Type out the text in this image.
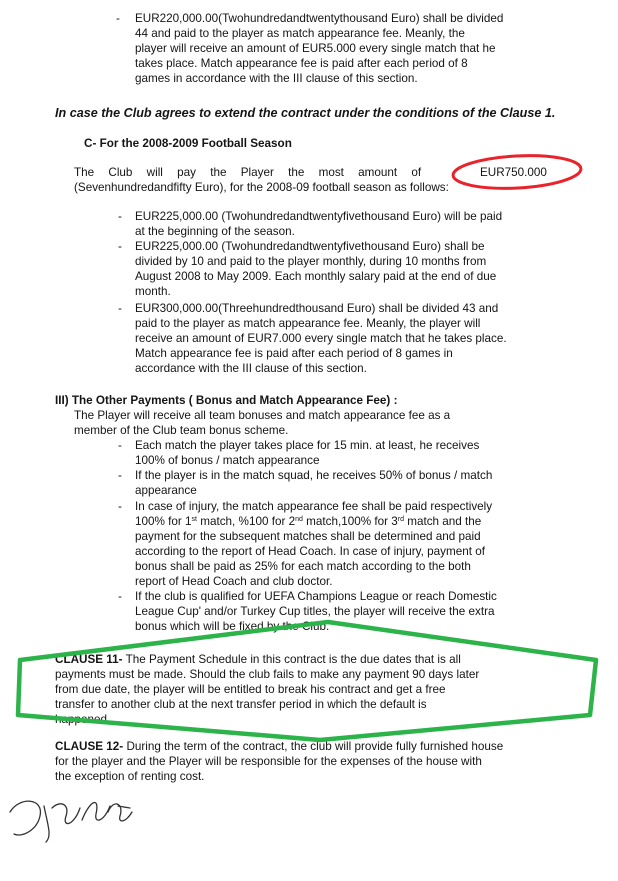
- EUR220,000.00(Twohundredandtwentythousand Euro) shall be divided
44 and paid to the player as match appearance fee. Meanly, the
player will receive an amount of EUR5.000 every single match that he
takes place. Match appearance fee is paid after each period of 8
games in accordance with the III clause of this section.
In case the Club agrees to extend the contract under the conditions of the Clause 1.
C- For the 2008-2009 Football Season
The Club will pay the Player the most amount of	EUR750.000
(Sevenhundredandfifty Euro), for the 2008-09 football season as follows:
- EUR225,000.00 (Twohundredandtwentyfivethousand Euro) will be paid
at the beginning of the season.
- EUR225,000.00 (Twohundredandtwentyfivethousand Euro) shall be
divided by 10 and paid to the player monthly, during 10 months from
August 2008 to May 2009. Each monthly salary paid at the end of due
month.
- EUR300,000.00(Threehundredthousand Euro) shall be divided 43 and
paid to the player as match appearance fee. Meanly, the player will
receive an amount of EUR7.000 every single match that he takes place.
Match appearance fee is paid after each period of 8 games in
accordance with the III clause of this section.
III) The Other Payments ( Bonus and Match Appearance Fee) :
The Player will receive all team bonuses and match appearance fee as a
member of the Club team bonus scheme.
- Each match the player takes place for 15 min. at least, he receives
100% of bonus / match appearance
- If the player is in the match squad, he receives 50% of bonus / match
appearance
- In case of injury, the match appearance fee shall be paid respectively
100% for 1st match, %100 for 2nd match,100% for 3rd match and the
payment for the subsequent matches shall be determined and paid
according to the report of Head Coach. In case of injury, payment of
bonus shall be paid as 25% for each match according to the both
report of Head Coach and club doctor.
- If the club is qualified for UEFA Champions League or reach Domestic
League Cup' and/or Turkey Cup titles, the player will receive the extra
bonus which will be fixed by the Club.
CLAUSE 11- The Payment Schedule in this contract is the due dates that is all
payments must be made. Should the club fails to make any payment 90 days later
from due date, the player will be entitled to break his contract and get a free
transfer to another club at the next transfer period in which the default is
happened.
CLAUSE 12- During the term of the contract, the club will provide fully furnished house
for the player and the Player will be responsible for the expenses of the house with
the exception of renting cost.
